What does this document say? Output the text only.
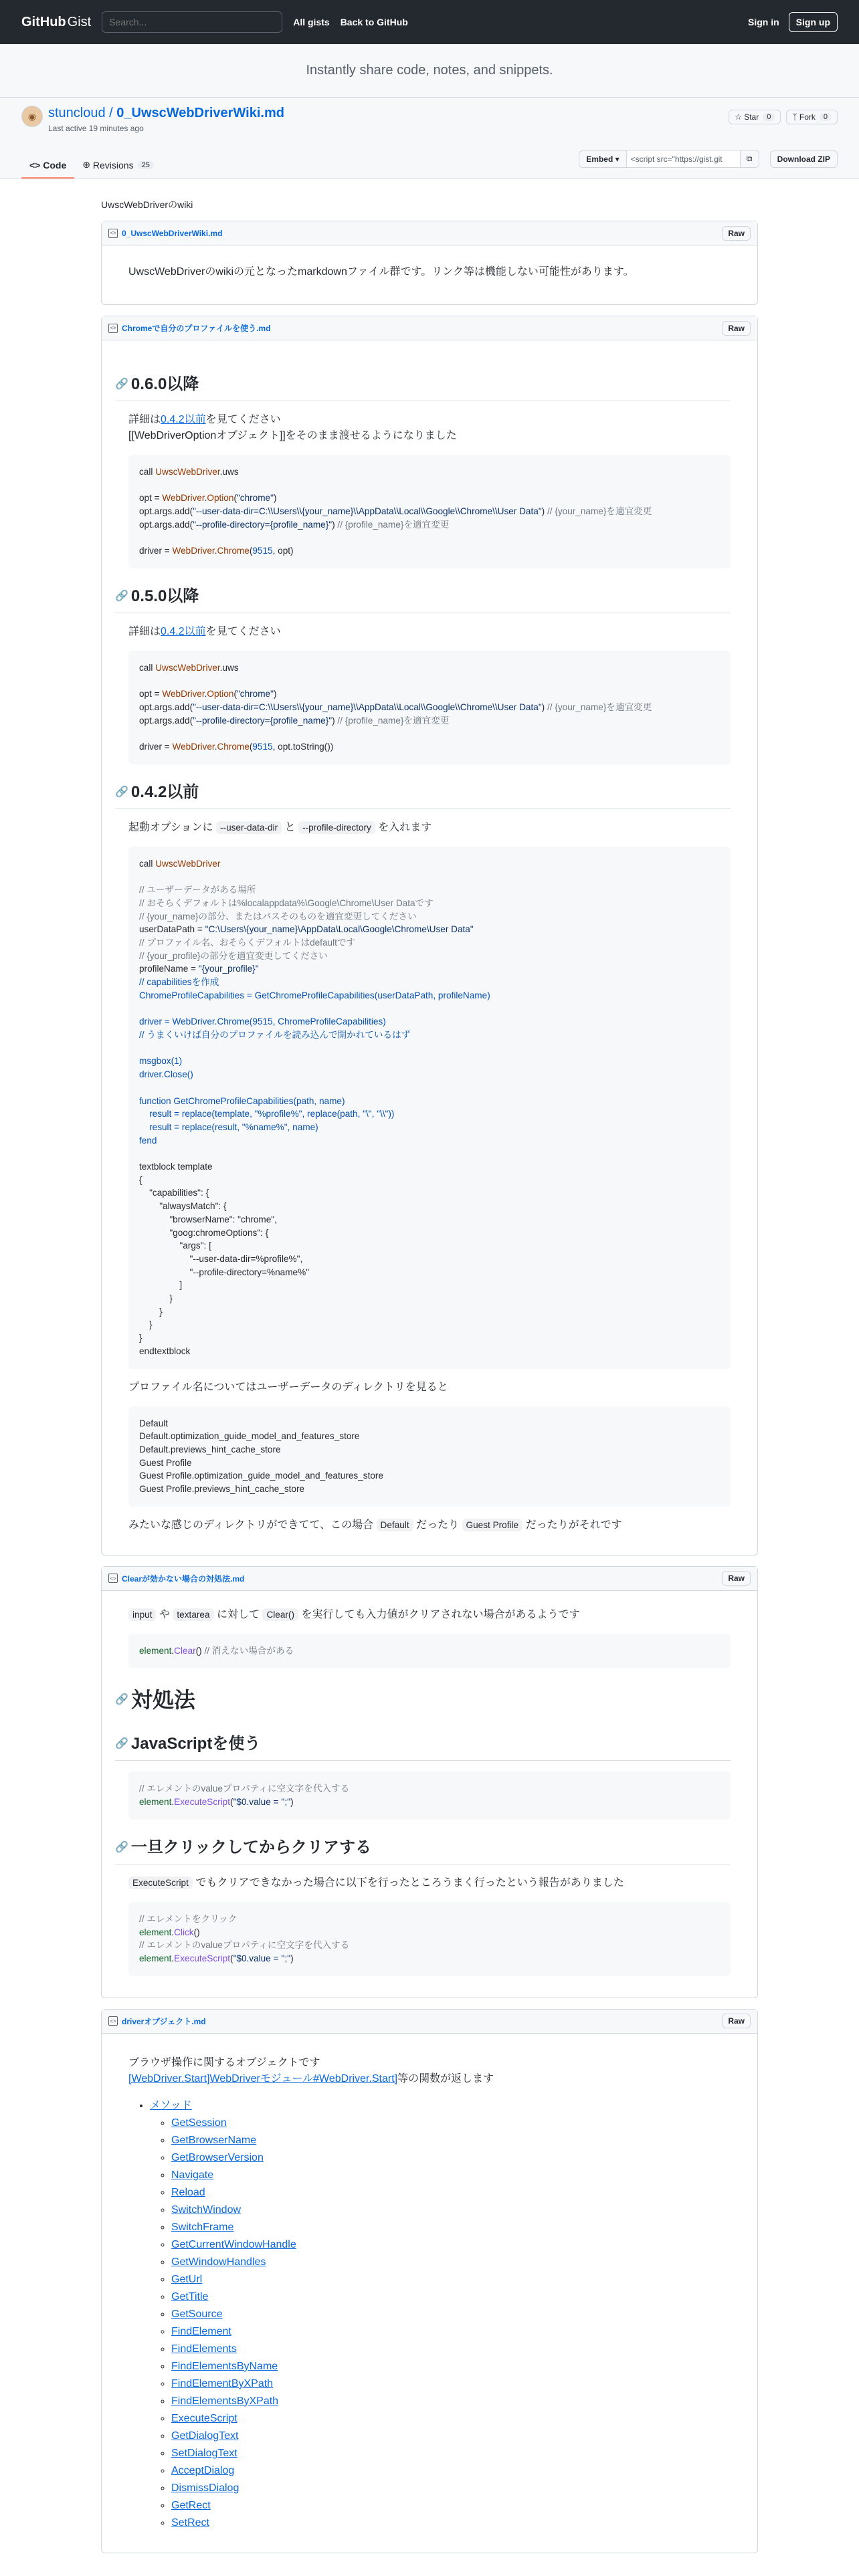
GitHub Gist
Search...	All gists Back to GitHub	Sign in	Sign up
Instantly share code, notes, and snippets.
◉ stuncloud / 0_UwscWebDriverWiki.md
Last active 19 minutes ago
☆
Star	0	ᛉ
Fork	0
<>
Code ⊕
Revisions	25
Embed ▾
<script src="https://gist.git	⧉	Download ZIP
UwscWebDriverのwiki
<> 0_UwscWebDriverWiki.md	Raw

UwscWebDriverのwikiの元となったmarkdownファイル群です。リンク等は機能しない可能性があります。

<> Chromeで自分のプロファイルを使う.md	Raw
🔗 0.6.0以降

詳細は0.4.2以前を見てください
[[WebDriverOptionオブジェクト]]をそのまま渡せるようになりました

call UwscWebDriver.uws

opt = WebDriver.Option("chrome")
opt.args.add("--user-data-dir=C:\\Users\\{your_name}\\AppData\\Local\\Google\\Chrome\\User Data") // {your_name}を適宜変更
opt.args.add("--profile-directory={profile_name}") // {profile_name}を適宜変更

driver = WebDriver.Chrome(9515, opt)
🔗 0.5.0以降

詳細は0.4.2以前を見てください

call UwscWebDriver.uws

opt = WebDriver.Option("chrome")
opt.args.add("--user-data-dir=C:\\Users\\{your_name}\\AppData\\Local\\Google\\Chrome\\User Data") // {your_name}を適宜変更
opt.args.add("--profile-directory={profile_name}") // {profile_name}を適宜変更

driver = WebDriver.Chrome(9515, opt.toString())
🔗 0.4.2以前

起動オプションに --user-data-dir と --profile-directory を入れます

call UwscWebDriver

// ユーザーデータがある場所
// おそらくデフォルトは%localappdata%\Google\Chrome\User Dataです
// {your_name}の部分、またはパスそのものを適宜変更してください
userDataPath = "C:\Users\{your_name}\AppData\Local\Google\Chrome\User Data"
// プロファイル名、おそらくデフォルトはdefaultです
// {your_profile}の部分を適宜変更してください
profileName = "{your_profile}"
// capabilitiesを作成
ChromeProfileCapabilities = GetChromeProfileCapabilities(userDataPath, profileName)

driver = WebDriver.Chrome(9515, ChromeProfileCapabilities)
// うまくいけば自分のプロファイルを読み込んで開かれているはず

msgbox(1)
driver.Close()

function GetChromeProfileCapabilities(path, name)
result = replace(template, "%profile%", replace(path, "\", "\\"))
result = replace(result, "%name%", name)
fend

textblock template
{
"capabilities": {
"alwaysMatch": {
"browserName": "chrome",
"goog:chromeOptions": {
"args": [
"--user-data-dir=%profile%",
"--profile-directory=%name%"
]
}
}
}
}
endtextblock

プロファイル名についてはユーザーデータのディレクトリを見ると

Default
Default.optimization_guide_model_and_features_store
Default.previews_hint_cache_store
Guest Profile
Guest Profile.optimization_guide_model_and_features_store
Guest Profile.previews_hint_cache_store

みたいな感じのディレクトリができてて、この場合 Default だったり Guest Profile だったりがそれです

<> Clearが効かない場合の対処法.md	Raw

input や textarea に対して Clear() を実行しても入力値がクリアされない場合があるようです

element.Clear() // 消えない場合がある
🔗 対処法
🔗 JavaScriptを使う
// エレメントのvalueプロパティに空文字を代入する
element.ExecuteScript("$0.value = '';")
🔗 一旦クリックしてからクリアする

ExecuteScript でもクリアできなかった場合に以下を行ったところうまく行ったという報告がありました

// エレメントをクリック
element.Click()
// エレメントのvalueプロパティに空文字を代入する
element.ExecuteScript("$0.value = '';")
<> driverオブジェクト.md	Raw

ブラウザ操作に関するオブジェクトです
[WebDriver.Start]WebDriverモジュール#WebDriver.Start]等の関数が返します

• メソッド
◦ GetSession
◦ GetBrowserName
◦ GetBrowserVersion
◦ Navigate
◦ Reload
◦ SwitchWindow
◦ SwitchFrame
◦ GetCurrentWindowHandle
◦ GetWindowHandles
◦ GetUrl
◦ GetTitle
◦ GetSource
◦ FindElement
◦ FindElements
◦ FindElementsByName
◦ FindElementByXPath
◦ FindElementsByXPath
◦ ExecuteScript
◦ GetDialogText
◦ SetDialogText
◦ AcceptDialog
◦ DismissDialog
◦ GetRect
◦ SetRect
